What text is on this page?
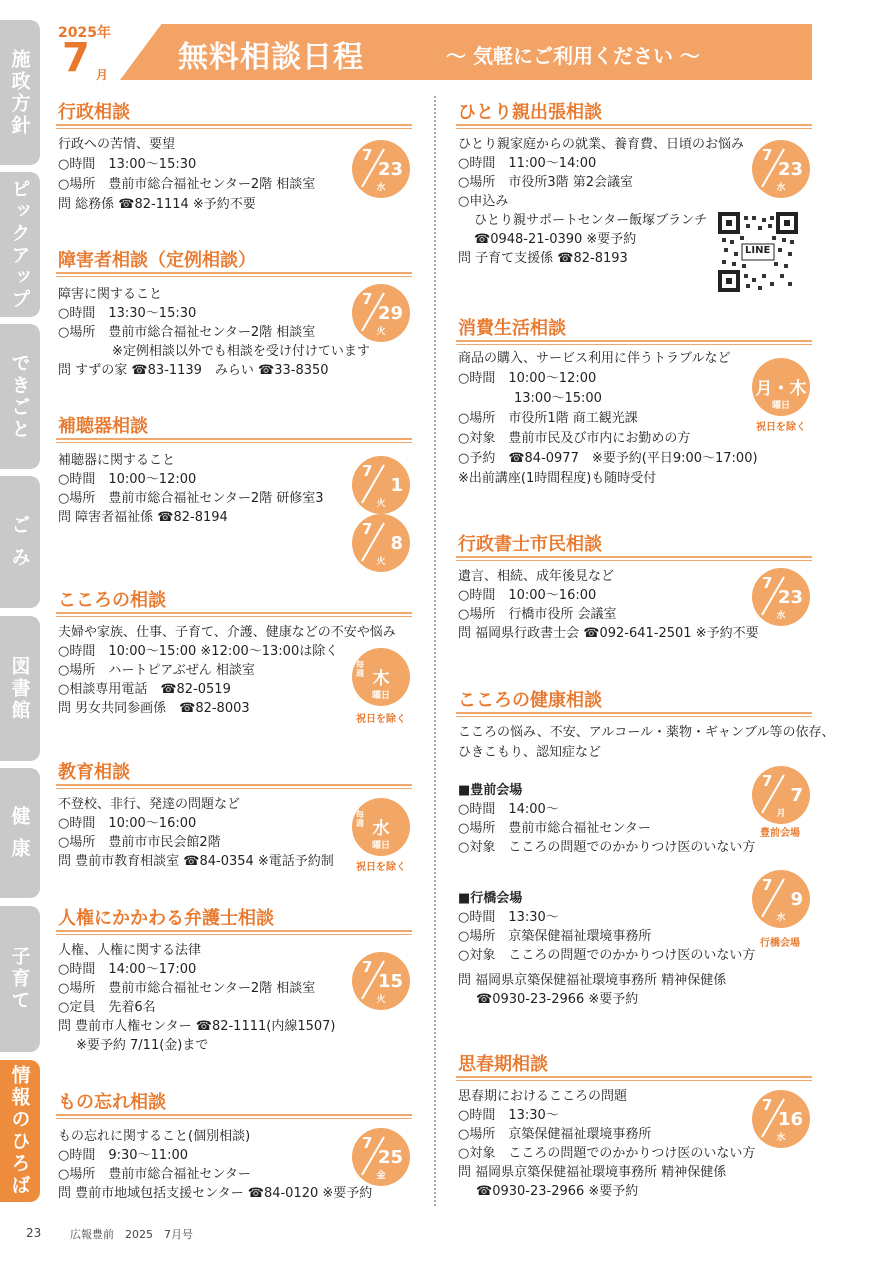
施政方針
ピックアップ
できごと
ご み
図書館
健 康
子育て
情報のひろば
2025年
7 月 無料相談日程	〜 気軽にご利用ください 〜
行政相談
行政への苦情、要望
○時間　13:00〜15:30
○場所　豊前市総合福祉センター2階 相談室
問 総務係 ☎82-1114 ※予約不要
7
23
水
障害者相談（定例相談）
障害に関すること
○時間　13:30〜15:30
○場所　豊前市総合福祉センター2階 相談室
※定例相談以外でも相談を受け付けています
問 すずの家 ☎83-1139　みらい ☎33-8350
7
29
火
補聴器相談
補聴器に関すること
○時間　10:00〜12:00
○場所　豊前市総合福祉センター2階 研修室3
問 障害者福祉係 ☎82-8194
7
1
火
7
8
火
こころの相談
夫婦や家族、仕事、子育て、介護、健康などの不安や悩み
○時間　10:00〜15:00 ※12:00〜13:00は除く
○場所　ハートピアぶぜん 相談室
○相談専用電話　☎82-0519
問 男女共同参画係　☎82-8003
毎週 木
曜日
祝日を除く
教育相談
不登校、非行、発達の問題など
○時間　10:00〜16:00
○場所　豊前市市民会館2階
問 豊前市教育相談室 ☎84-0354 ※電話予約制
毎週 水
曜日
祝日を除く
人権にかかわる弁護士相談
人権、人権に関する法律
○時間　14:00〜17:00
○場所　豊前市総合福祉センター2階 相談室
○定員　先着6名
問 豊前市人権センター ☎82-1111(内線1507)
※要予約 7/11(金)まで
7
15
火
もの忘れ相談
もの忘れに関すること(個別相談)
○時間　9:30〜11:00
○場所　豊前市総合福祉センター
問 豊前市地域包括支援センター ☎84-0120 ※要予約
7
25
金
ひとり親出張相談
ひとり親家庭からの就業、養育費、日頃のお悩み
○時間　11:00〜14:00
○場所　市役所3階 第2会議室
○申込み
ひとり親サポートセンター飯塚ブランチ
☎0948-21-0390 ※要予約
問 子育て支援係 ☎82-8193
7
23
水
LINE
消費生活相談
商品の購入、サービス利用に伴うトラブルなど
○時間　10:00〜12:00
13:00〜15:00
○場所　市役所1階 商工観光課
○対象　豊前市民及び市内にお勤めの方
○予約　☎84-0977　※要予約(平日9:00〜17:00)
※出前講座(1時間程度)も随時受付
月・木
曜日
祝日を除く
行政書士市民相談
遺言、相続、成年後見など
○時間　10:00〜16:00
○場所　行橋市役所 会議室
問 福岡県行政書士会 ☎092-641-2501 ※予約不要
7
23
水
こころの健康相談
こころの悩み、不安、アルコール・薬物・ギャンブル等の依存、
ひきこもり、認知症など
■豊前会場
○時間　14:00〜
○場所　豊前市総合福祉センター
○対象　こころの問題でのかかりつけ医のいない方
■行橋会場
○時間　13:30〜
○場所　京築保健福祉環境事務所
○対象　こころの問題でのかかりつけ医のいない方
問 福岡県京築保健福祉環境事務所 精神保健係
☎0930-23-2966 ※要予約
7
7
月
豊前会場
7
9
水
行橋会場
思春期相談
思春期におけるこころの問題
○時間　13:30〜
○場所　京築保健福祉環境事務所
○対象　こころの問題でのかかりつけ医のいない方
問 福岡県京築保健福祉環境事務所 精神保健係
☎0930-23-2966 ※要予約
7
16
水
23	広報豊前　2025　7月号
